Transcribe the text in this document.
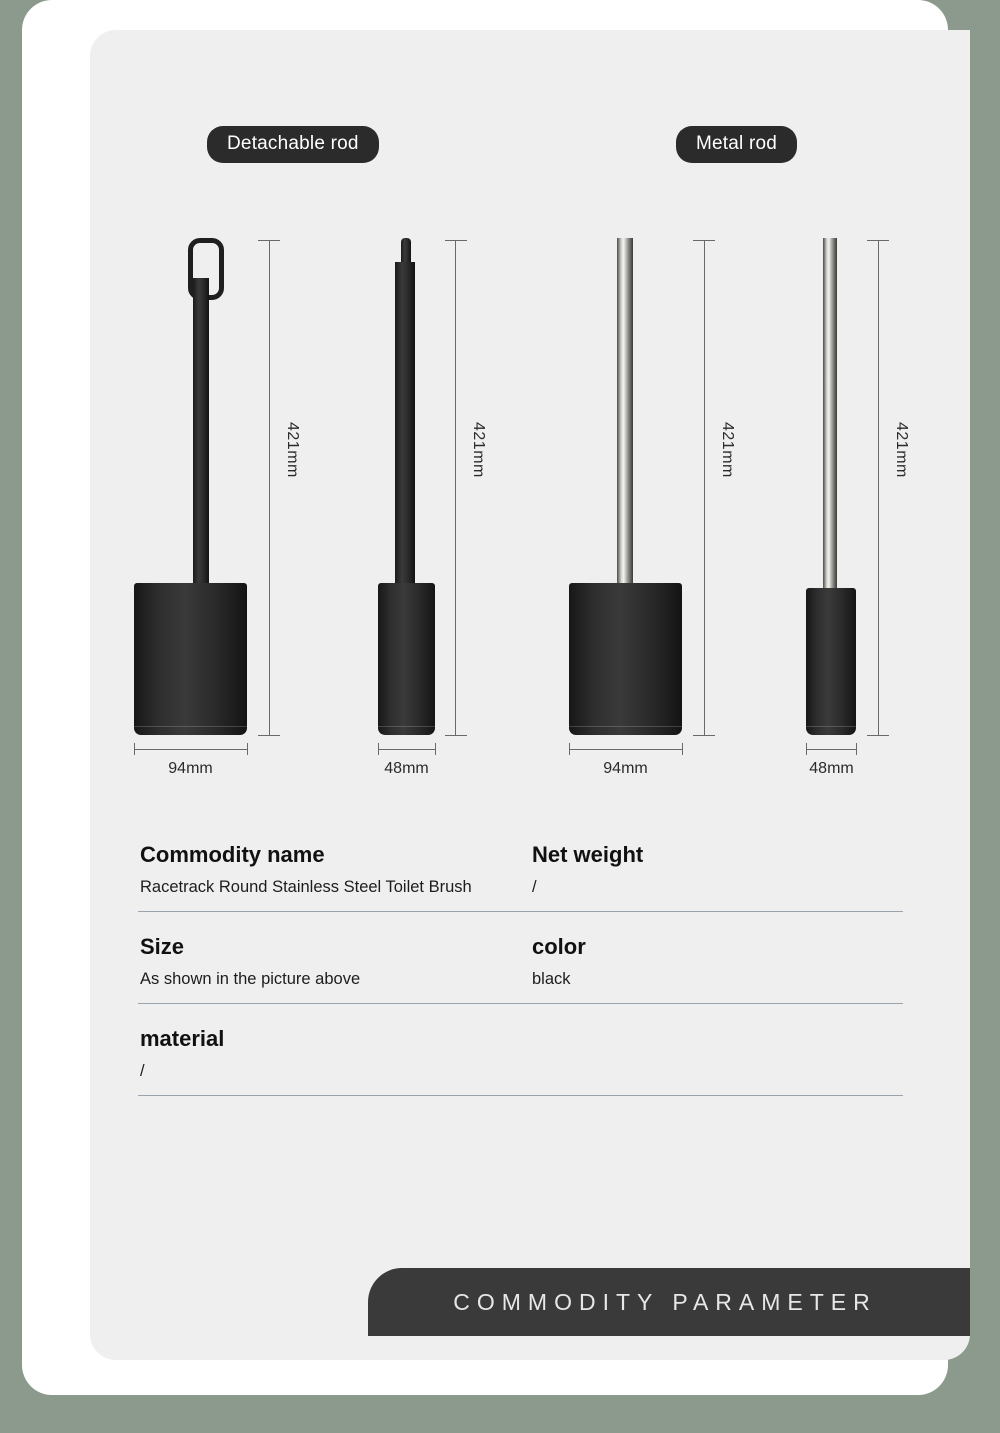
Detachable rod	Metal rod
421mm
94mm
421mm
48mm
421mm
94mm
421mm
48mm
Commodity name
Racetrack Round Stainless Steel Toilet Brush
Net weight
/
Size
As shown in the picture above
color
black
material
/
COMMODITY PARAMETER
